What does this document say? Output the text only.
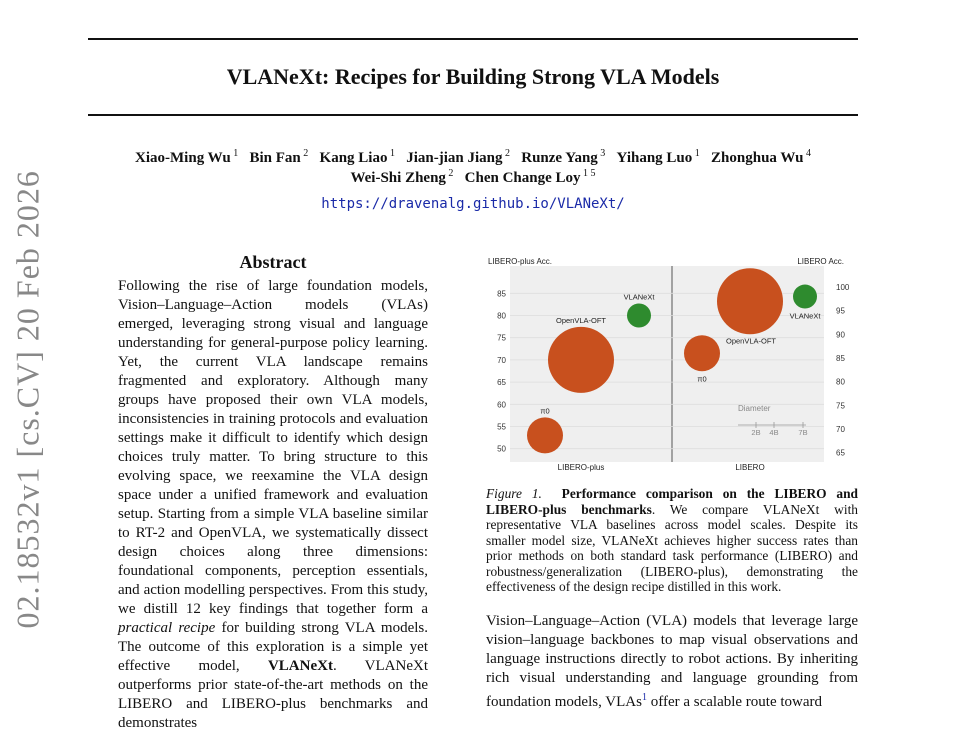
VLANeXt: Recipes for Building Strong VLA Models
Xiao-Ming Wu $^1$ Bin Fan $^2$ Kang Liao $^1$ Jian-jian Jiang $^2$ Runze Yang $^3$ Yihang Luo $^1$ Zhonghua Wu $^4$
Wei-Shi Zheng $^2$ Chen Change Loy $^{1 5}$
https://dravenalg.github.io/VLANeXt/
02.18532v1 [cs.CV] 20 Feb 2026	Abstract

Following the rise of large foundation models, Vision–Language–Action models (VLAs) emerged, leveraging strong visual and language understanding for general-purpose policy learning. Yet, the current VLA landscape remains fragmented and exploratory. Although many groups have proposed their own VLA models, inconsistencies in training protocols and evaluation settings make it difficult to identify which design choices truly matter. To bring structure to this evolving space, we reexamine the VLA design space under a unified framework and evaluation setup. Starting from a simple VLA baseline similar to RT-2 and OpenVLA, we systematically dissect design choices along three dimensions: foundational components, perception essentials, and action modelling perspectives. From this study, we distill 12 key findings that together form a practical recipe for building strong VLA models. The outcome of this exploration is a simple yet effective model, VLANeXt. VLANeXt outperforms prior state-of-the-art methods on the LIBERO and LIBERO-plus benchmarks and demonstrates

50
55
60
65
70
75
80
85
65
70
75
80
85
90
95
100
LIBERO-plus Acc.	LIBERO Acc.
LIBERO-plus	LIBERO
VLANeXt
OpenVLA-OFT
π0
VLANeXt
OpenVLA-OFT
π0
Diameter
2B 4B	7B

Figure 1. Performance comparison on the LIBERO and LIBERO-plus benchmarks. We compare VLANeXt with representative VLA baselines across model scales. Despite its smaller model size, VLANeXt achieves higher success rates than prior methods on both standard task performance (LIBERO) and robustness/generalization (LIBERO-plus), demonstrating the effectiveness of the design recipe distilled in this work.

Vision–Language–Action (VLA) models that leverage large vision–language backbones to map visual observations and language instructions directly to robot actions. By inheriting rich visual understanding and language grounding from foundation models, VLAs$^1$ offer a scalable route toward
